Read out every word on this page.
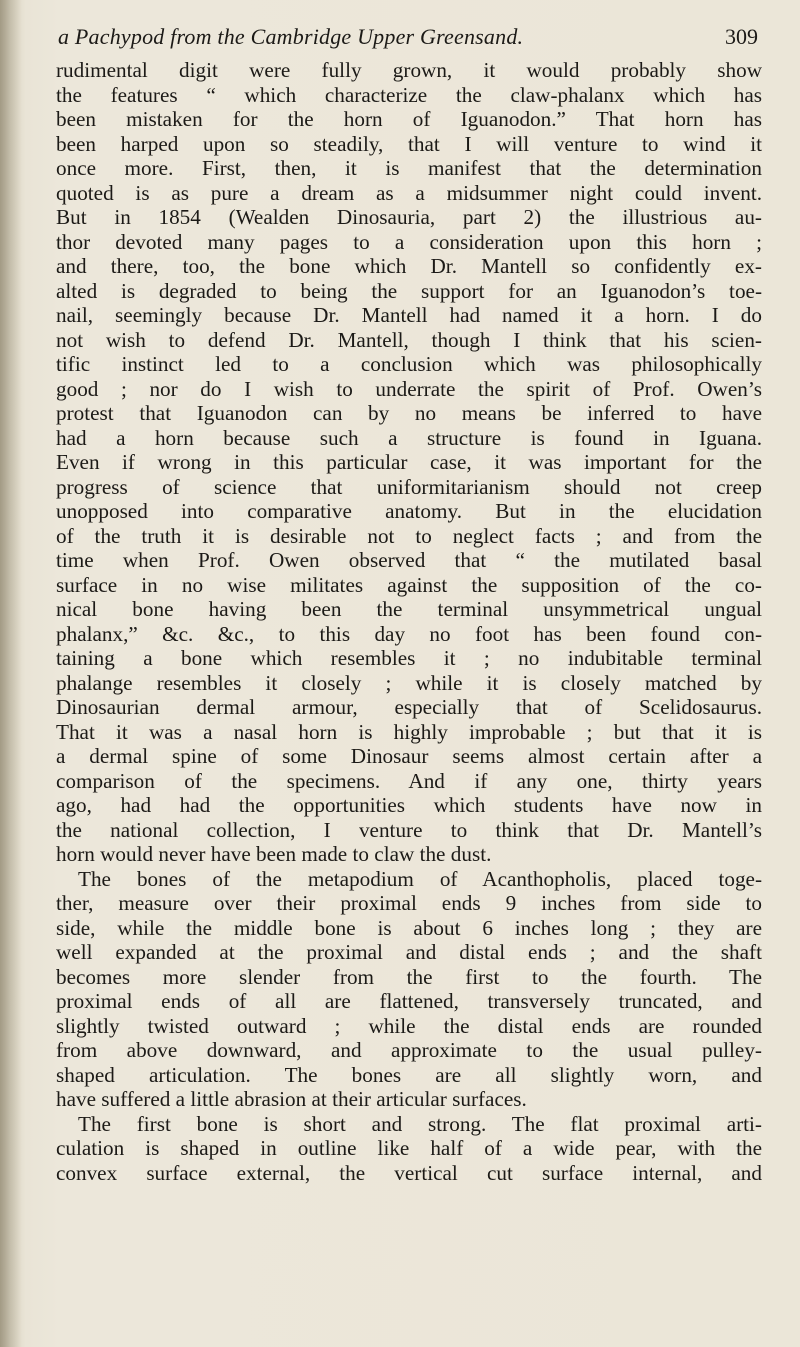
a Pachypod from the Cambridge Upper Greensand.	309
rudimental digit were fully grown, it would probably show
the features “ which characterize the claw-phalanx which has
been mistaken for the horn of Iguanodon.” That horn has
been harped upon so steadily, that I will venture to wind it
once more. First, then, it is manifest that the determination
quoted is as pure a dream as a midsummer night could invent.
But in 1854 (Wealden Dinosauria, part 2) the illustrious au-
thor devoted many pages to a consideration upon this horn ;
and there, too, the bone which Dr. Mantell so confidently ex-
alted is degraded to being the support for an Iguanodon’s toe-
nail, seemingly because Dr. Mantell had named it a horn. I do
not wish to defend Dr. Mantell, though I think that his scien-
tific instinct led to a conclusion which was philosophically
good ; nor do I wish to underrate the spirit of Prof. Owen’s
protest that Iguanodon can by no means be inferred to have
had a horn because such a structure is found in Iguana.
Even if wrong in this particular case, it was important for the
progress of science that uniformitarianism should not creep
unopposed into comparative anatomy. But in the elucidation
of the truth it is desirable not to neglect facts ; and from the
time when Prof. Owen observed that “ the mutilated basal
surface in no wise militates against the supposition of the co-
nical bone having been the terminal unsymmetrical ungual
phalanx,” &c. &c., to this day no foot has been found con-
taining a bone which resembles it ; no indubitable terminal
phalange resembles it closely ; while it is closely matched by
Dinosaurian dermal armour, especially that of Scelidosaurus.
That it was a nasal horn is highly improbable ; but that it is
a dermal spine of some Dinosaur seems almost certain after a
comparison of the specimens. And if any one, thirty years
ago, had had the opportunities which students have now in
the national collection, I venture to think that Dr. Mantell’s
horn would never have been made to claw the dust.
The bones of the metapodium of Acanthopholis, placed toge-
ther, measure over their proximal ends 9 inches from side to
side, while the middle bone is about 6 inches long ; they are
well expanded at the proximal and distal ends ; and the shaft
becomes more slender from the first to the fourth. The
proximal ends of all are flattened, transversely truncated, and
slightly twisted outward ; while the distal ends are rounded
from above downward, and approximate to the usual pulley-
shaped articulation. The bones are all slightly worn, and
have suffered a little abrasion at their articular surfaces.
The first bone is short and strong. The flat proximal arti-
culation is shaped in outline like half of a wide pear, with the
convex surface external, the vertical cut surface internal, and
